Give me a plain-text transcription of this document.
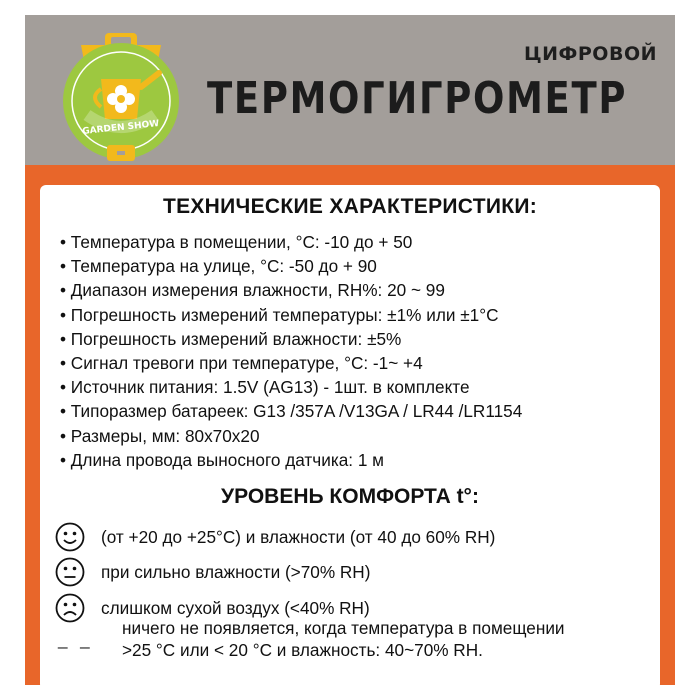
GARDEN SHOW
ЦИФРОВОЙ
ТЕРМОГИГРОМЕТР
ТЕХНИЧЕСКИЕ ХАРАКТЕРИСТИКИ:
• Температура в помещении, °C: -10 до + 50
• Температура на улице, °C: -50 до + 90
• Диапазон измерения влажности, RH%: 20 ~ 99
• Погрешность измерений температуры: ±1% или ±1°C
• Погрешность измерений влажности: ±5%
• Сигнал тревоги при температуре, °C: -1~ +4
• Источник питания: 1.5V (AG13) - 1шт. в комплекте
• Типоразмер батареек: G13 /357A /V13GA / LR44 /LR1154
• Размеры, мм: 80x70x20
• Длина провода выносного датчика: 1 м
УРОВЕНЬ КОМФОРТА t°:
(от +20 до +25°C) и влажности (от 40 до 60% RH)
при сильно влажности (>70% RH)
слишком сухой воздух (<40% RH)
_ _
ничего не появляется, когда температура в помещении
>25 °C или < 20 °C и влажность: 40~70% RH.
